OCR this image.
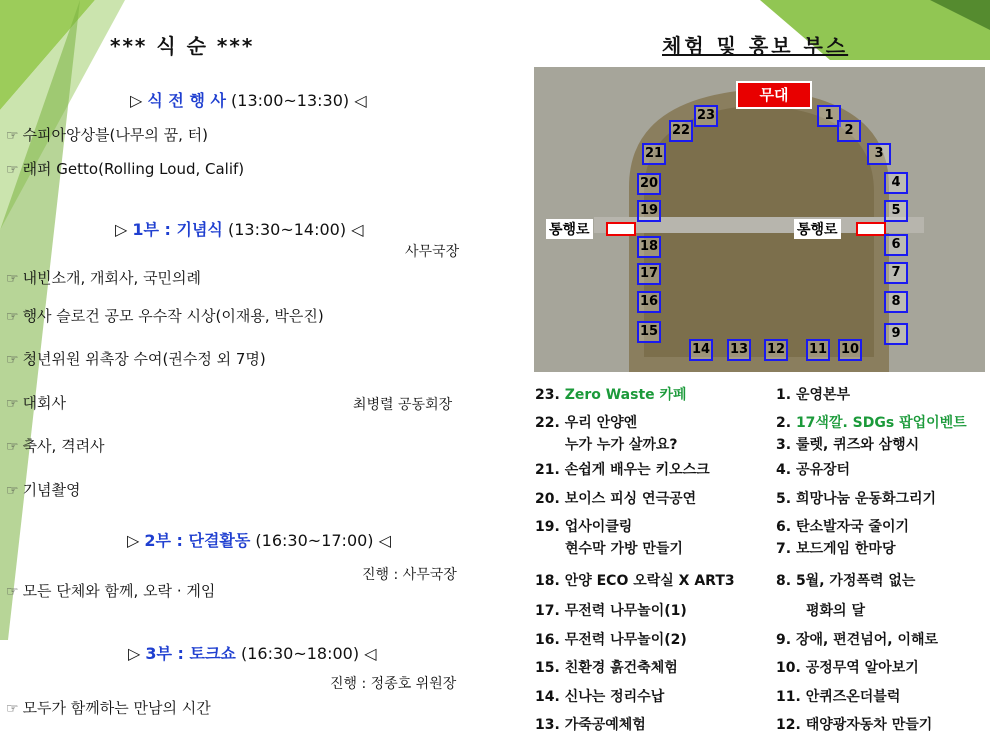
*** 식 순 ***
▷ 식 전 행 사 (13:00~13:30) ◁
☞ 수피아앙상블(나무의 꿈, 터)
☞ 래퍼 Getto(Rolling Loud, Calif)
▷ 1부 : 기념식 (13:30~14:00) ◁
사무국장
☞ 내빈소개, 개회사, 국민의례
☞ 행사 슬로건 공모 우수작 시상(이재용, 박은진)
☞ 청년위원 위촉장 수여(권수정 외 7명)
☞ 대회사	최병렬 공동회장
☞ 축사, 격려사
☞ 기념촬영
▷ 2부 : 단결활동 (16:30~17:00) ◁
진행 : 사무국장
☞ 모든 단체와 함께, 오락 · 게임
▷ 3부 : 토크쇼 (16:30~18:00) ◁
진행 : 정종호 위원장
☞ 모두가 함께하는 만남의 시간
체험 및 홍보 부스
무대
통행로	통행로
1
2
3
4
5
6
7
8
9
10
11
12
13
14
15
16
17
18
19
20
21
22
23
23. Zero Waste 카페
22. 우리 안양엔
누가 누가 살까요?
21. 손쉽게 배우는 키오스크
20. 보이스 피싱 연극공연
19. 업사이클링
현수막 가방 만들기
18. 안양 ECO 오락실 X ART3
17. 무전력 나무놀이(1)
16. 무전력 나무놀이(2)
15. 친환경 흙건축체험
14. 신나는 정리수납
13. 가죽공예체험
1. 운영본부
2. 17색깔. SDGs 팝업이벤트
3. 룰렛, 퀴즈와 삼행시
4. 공유장터
5. 희망나눔 운동화그리기
6. 탄소발자국 줄이기
7. 보드게임 한마당
8. 5월, 가정폭력 없는
평화의 달
9. 장애, 편견넘어, 이해로
10. 공정무역 알아보기
11. 안퀴즈온더블럭
12. 태양광자동차 만들기
